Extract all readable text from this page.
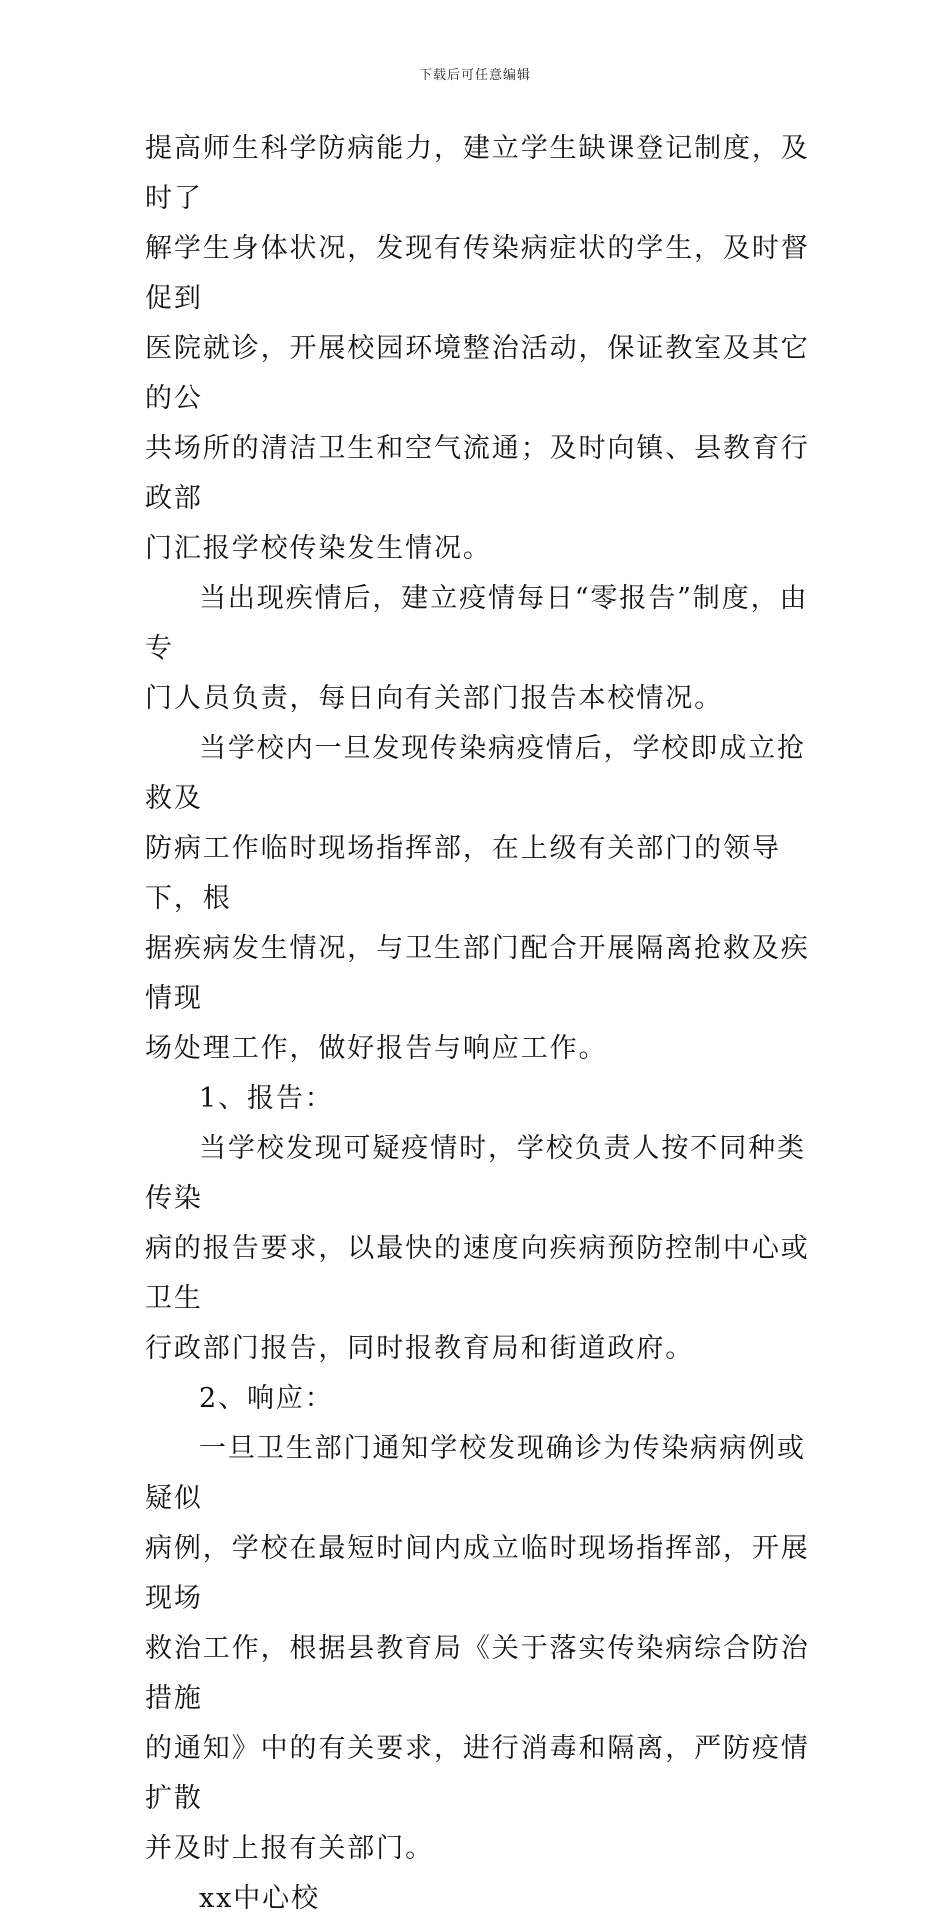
下载后可任意编辑

提高师生科学防病能力，建立学生缺课登记制度，及时了

解学生身体状况，发现有传染病症状的学生，及时督促到

医院就诊，开展校园环境整治活动，保证教室及其它的公

共场所的清洁卫生和空气流通；及时向镇、县教育行政部

门汇报学校传染发生情况。

当出现疾情后，建立疫情每日“零报告”制度，由专

门人员负责，每日向有关部门报告本校情况。

当学校内一旦发现传染病疫情后，学校即成立抢救及

防病工作临时现场指挥部，在上级有关部门的领导下，根

据疾病发生情况，与卫生部门配合开展隔离抢救及疾情现

场处理工作，做好报告与响应工作。

1、报告：

当学校发现可疑疫情时，学校负责人按不同种类传染

病的报告要求，以最快的速度向疾病预防控制中心或卫生

行政部门报告，同时报教育局和街道政府。

2、响应：

一旦卫生部门通知学校发现确诊为传染病病例或疑似

病例，学校在最短时间内成立临时现场指挥部，开展现场

救治工作，根据县教育局《关于落实传染病综合防治措施

的通知》中的有关要求，进行消毒和隔离，严防疫情扩散

并及时上报有关部门。

xx中心校
